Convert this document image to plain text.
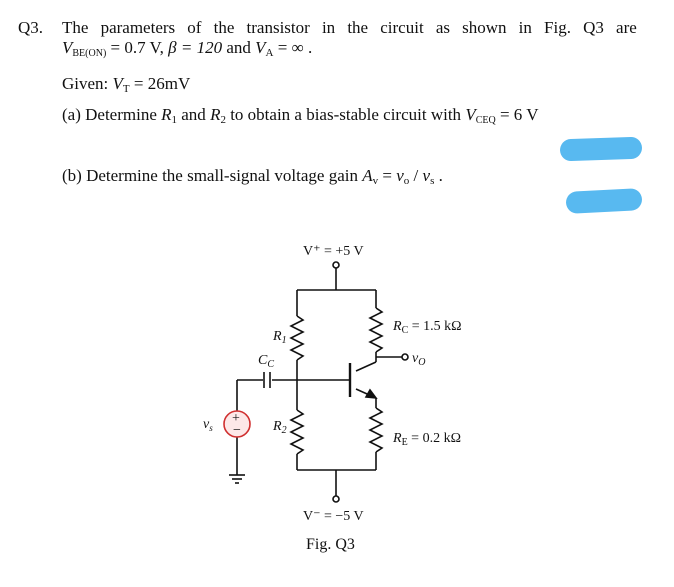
Q3. The parameters of the transistor in the circuit as shown in Fig. Q3 are
$V_{BE(ON)} = 0.7$ V, β = 120 and $V_A$ = ∞ .
Given: $V_T = 26mV$
(a) Determine $R_1$ and $R_2$ to obtain a bias-stable circuit with $V_{CEQ} = 6$ V
(b) Determine the small-signal voltage gain $A_v = v_o / v_s$ .
+
−
V⁺ = +5 V
V⁻ = −5 V
$R_1$
$C_C$
$R_2$
$R_C = 1.5$ kΩ
$R_E = 0.2$ kΩ
$v_O$
$v_s$
Fig. Q3
